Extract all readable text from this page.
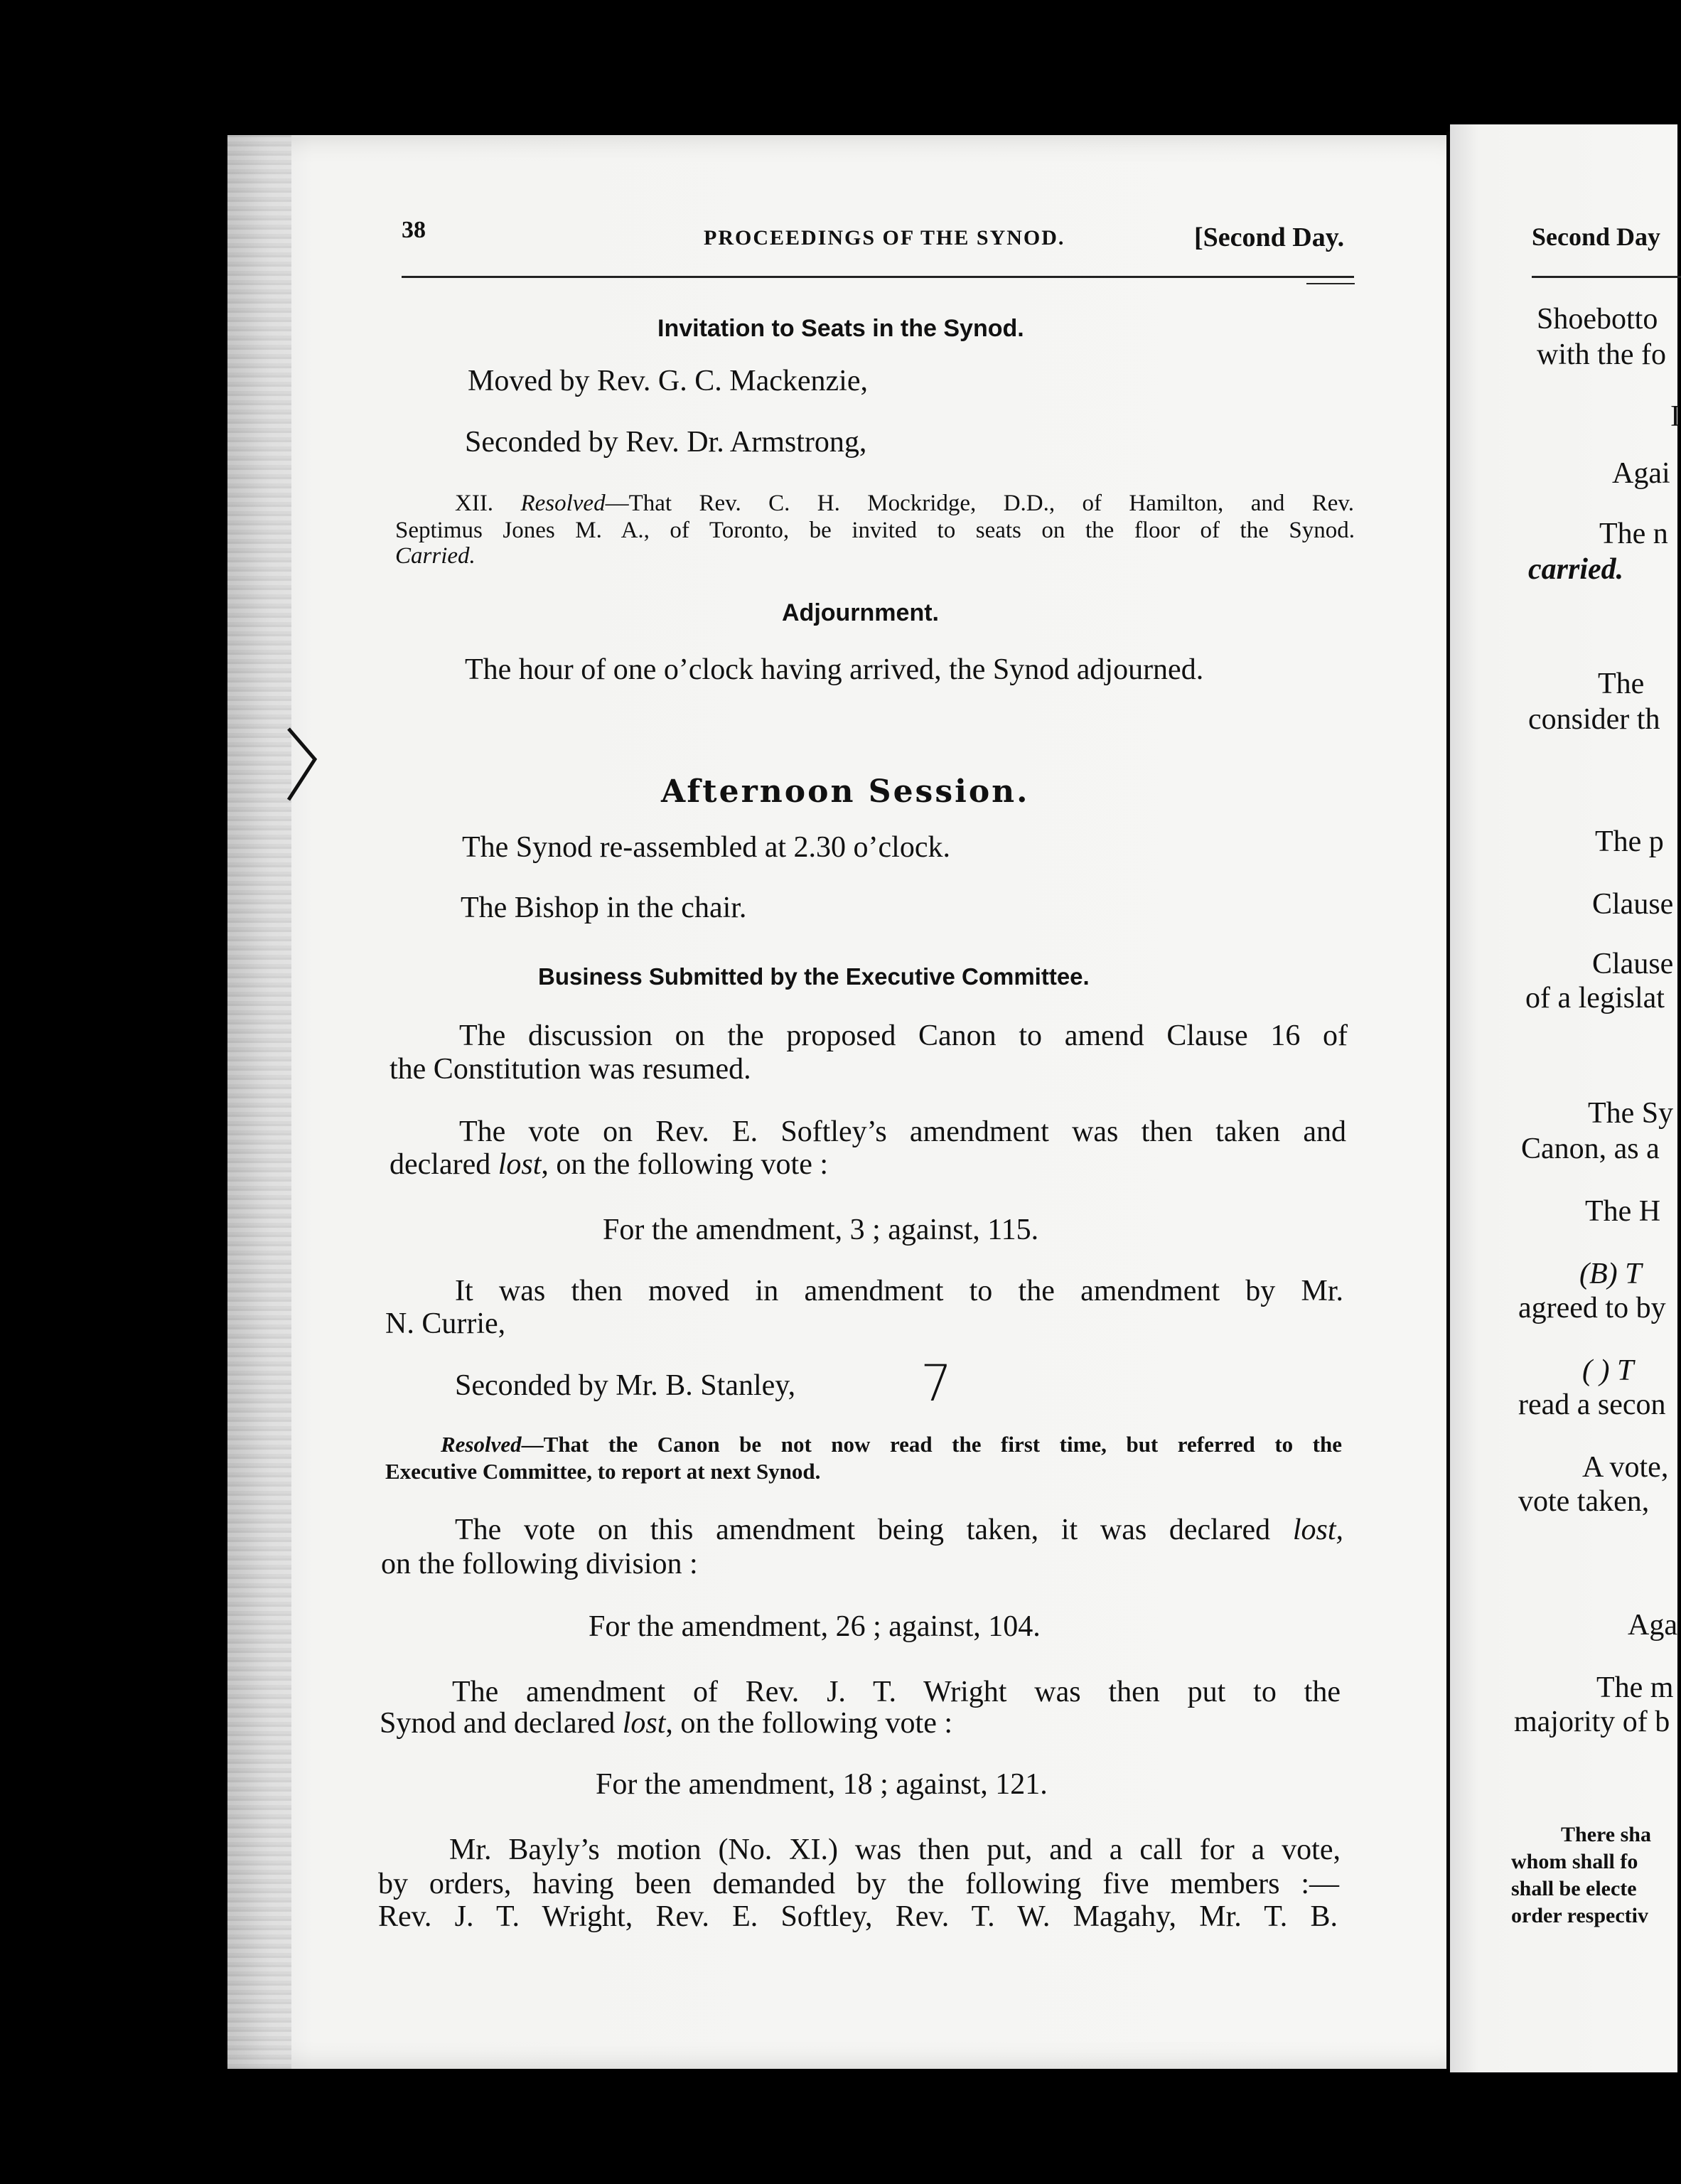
38	PROCEEDINGS OF THE SYNOD.	[Second Day.
Invitation to Seats in the Synod.
Moved by Rev. G. C. Mackenzie,
Seconded by Rev. Dr. Armstrong,
XII. Resolved—That Rev. C. H. Mockridge, D.D., of Hamilton, and Rev.
Septimus Jones M. A., of Toronto, be invited to seats on the floor of the Synod.
Carried.
Adjournment.
The hour of one o’clock having arrived, the Synod adjourned.
Afternoon Session.
The Synod re-assembled at 2.30 o’clock.
The Bishop in the chair.
Business Submitted by the Executive Committee.
The discussion on the proposed Canon to amend Clause 16 of
the Constitution was resumed.
The vote on Rev. E. Softley’s amendment was then taken and
declared lost, on the following vote :
For the amendment, 3 ; against, 115.
It was then moved in amendment to the amendment by Mr.
N. Currie,
Seconded by Mr. B. Stanley,	7
Resolved—That the Canon be not now read the first time, but referred to the
Executive Committee, to report at next Synod.
The vote on this amendment being taken, it was declared lost,
on the following division :
For the amendment, 26 ; against, 104.
The amendment of Rev. J. T. Wright was then put to the
Synod and declared lost, on the following vote :
For the amendment, 18 ; against, 121.
Mr. Bayly’s motion (No. XI.) was then put, and a call for a vote,
by orders, having been demanded by the following five members :—
Rev. J. T. Wright, Rev. E. Softley, Rev. T. W. Magahy, Mr. T. B.
Second Day
Shoebotto
with the fo
I
Agai
The n
carried.
The
consider th
The p
Clause
Clause
of a legislat
The Sy
Canon, as a
The H
(B) T
agreed to by
( ) T
read a secon
A vote,
vote taken,
Aga
The m
majority of b
There sha
whom shall fo
shall be electe
order respectiv
